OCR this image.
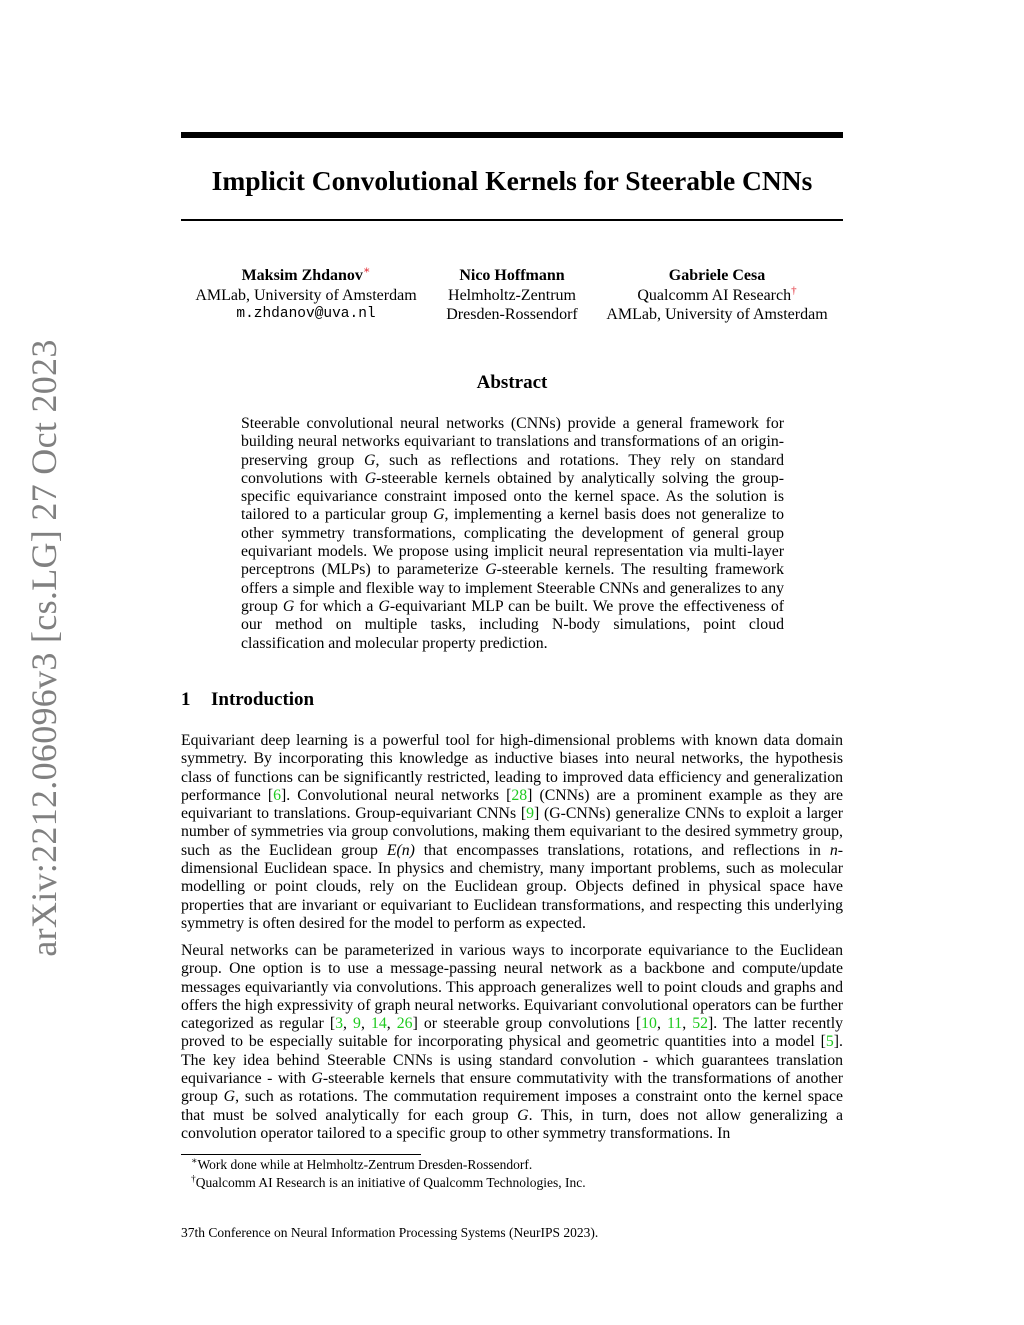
arXiv:2212.06096v3 [cs.LG] 27 Oct 2023
Implicit Convolutional Kernels for Steerable CNNs
Maksim Zhdanov∗
AMLab, University of Amsterdam
m.zhdanov@uva.nl
Nico Hoffmann
Helmholtz-Zentrum
Dresden-Rossendorf
Gabriele Cesa
Qualcomm AI Research†
AMLab, University of Amsterdam
Abstract

Steerable convolutional neural networks (CNNs) provide a general framework for building neural networks equivariant to translations and transformations of an origin-preserving group G, such as reflections and rotations. They rely on standard convolutions with G-steerable kernels obtained by analytically solving the group-specific equivariance constraint imposed onto the kernel space. As the solution is tailored to a particular group G, implementing a kernel basis does not generalize to other symmetry transformations, complicating the development of general group equivariant models. We propose using implicit neural representation via multi-layer perceptrons (MLPs) to parameterize G-steerable kernels. The resulting framework offers a simple and flexible way to implement Steerable CNNs and generalizes to any group G for which a G-equivariant MLP can be built. We prove the effectiveness of our method on multiple tasks, including N-body simulations, point cloud classification and molecular property prediction.

1 Introduction

Equivariant deep learning is a powerful tool for high-dimensional problems with known data domain symmetry. By incorporating this knowledge as inductive biases into neural networks, the hypothesis class of functions can be significantly restricted, leading to improved data efficiency and generalization performance [6]. Convolutional neural networks [28] (CNNs) are a prominent example as they are equivariant to translations. Group-equivariant CNNs [9] (G-CNNs) generalize CNNs to exploit a larger number of symmetries via group convolutions, making them equivariant to the desired symmetry group, such as the Euclidean group E(n) that encompasses translations, rotations, and reflections in n-dimensional Euclidean space. In physics and chemistry, many important problems, such as molecular modelling or point clouds, rely on the Euclidean group. Objects defined in physical space have properties that are invariant or equivariant to Euclidean transformations, and respecting this underlying symmetry is often desired for the model to perform as expected.

Neural networks can be parameterized in various ways to incorporate equivariance to the Euclidean group. One option is to use a message-passing neural network as a backbone and compute/update messages equivariantly via convolutions. This approach generalizes well to point clouds and graphs and offers the high expressivity of graph neural networks. Equivariant convolutional operators can be further categorized as regular [3, 9, 14, 26] or steerable group convolutions [10, 11, 52]. The latter recently proved to be especially suitable for incorporating physical and geometric quantities into a model [5]. The key idea behind Steerable CNNs is using standard convolution - which guarantees translation equivariance - with G-steerable kernels that ensure commutativity with the transformations of another group G, such as rotations. The commutation requirement imposes a constraint onto the kernel space that must be solved analytically for each group G. This, in turn, does not allow generalizing a convolution operator tailored to a specific group to other symmetry transformations. In

∗Work done while at Helmholtz-Zentrum Dresden-Rossendorf.
†Qualcomm AI Research is an initiative of Qualcomm Technologies, Inc.
37th Conference on Neural Information Processing Systems (NeurIPS 2023).
